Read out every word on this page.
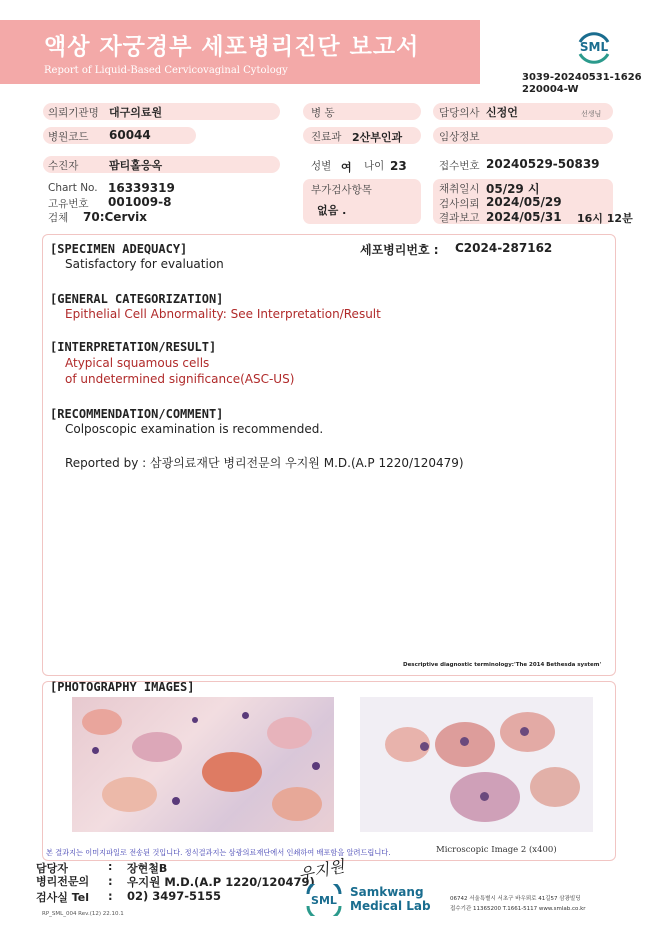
액상 자궁경부 세포병리진단 보고서
Report of Liquid-Based Cervicovaginal Cytology
SML
3039-20240531-1626
220004-W
의뢰기관명 대구의료원
병원코드 60044
수진자	팜티홀응옥
Chart No. 16339319
고유번호 001009-8
검체 70:Cervix
병 동
진료과 2산부인과
성별 여 나이 23
부가검사항목
없음 .
담당의사 신정언	선생님
임상정보
접수번호 20240529-50839
채취일시 05/29 시
검사의뢰 2024/05/29
결과보고 2024/05/31 16시 12분
세포병리번호 : C2024-287162
[SPECIMEN ADEQUACY]
Satisfactory for evaluation
[GENERAL CATEGORIZATION]
Epithelial Cell Abnormality: See Interpretation/Result
[INTERPRETATION/RESULT]
Atypical squamous cells
of undetermined significance(ASC-US)
[RECOMMENDATION/COMMENT]
Colposcopic examination is recommended.
Reported by : 삼광의료재단 병리전문의 우지원 M.D.(A.P 1220/120479)
Descriptive diagnostic terminology:'The 2014 Bethesda system'
[PHOTOGRAPHY IMAGES]
Microscopic Image 2 (x400)
본 결과지는 이미지파일로 전송된 것입니다. 정식결과지는 삼광의료재단에서 인쇄하여 배포함을 알려드립니다.
담당자	: 장현철B
병리전문의 : 우지원 M.D.(A.P 1220/120479)
우지원
검사실 Tel : 02) 3497-5155
RP_SML_004 Rev.(12) 22.10.1
SML
Samkwang
Medical Lab	06742 서울특별시 서초구 바우뫼로 41길57 삼광빌딩
접수기관 11365200 T.1661-5117 www.smlab.co.kr
